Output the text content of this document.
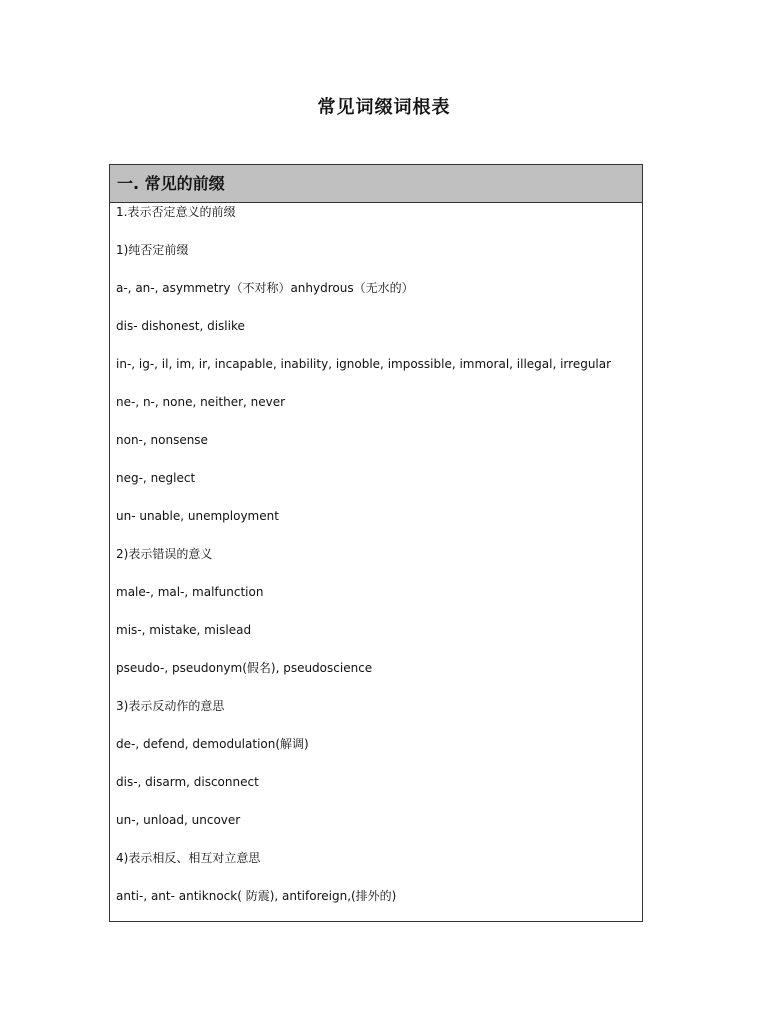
常见词缀词根表
一. 常见的前缀
1.表示否定意义的前缀
1)纯否定前缀
a-, an-, asymmetry（不对称）anhydrous（无水的）
dis- dishonest, dislike
in-, ig-, il, im, ir, incapable, inability, ignoble, impossible, immoral, illegal, irregular
ne-, n-, none, neither, never
non-, nonsense
neg-, neglect
un- unable, unemployment
2)表示错误的意义
male-, mal-, malfunction
mis-, mistake, mislead
pseudo-, pseudonym(假名), pseudoscience
3)表示反动作的意思
de-, defend, demodulation(解调)
dis-, disarm, disconnect
un-, unload, uncover
4)表示相反、相互对立意思
anti-, ant- antiknock( 防震), antiforeign,(排外的)
